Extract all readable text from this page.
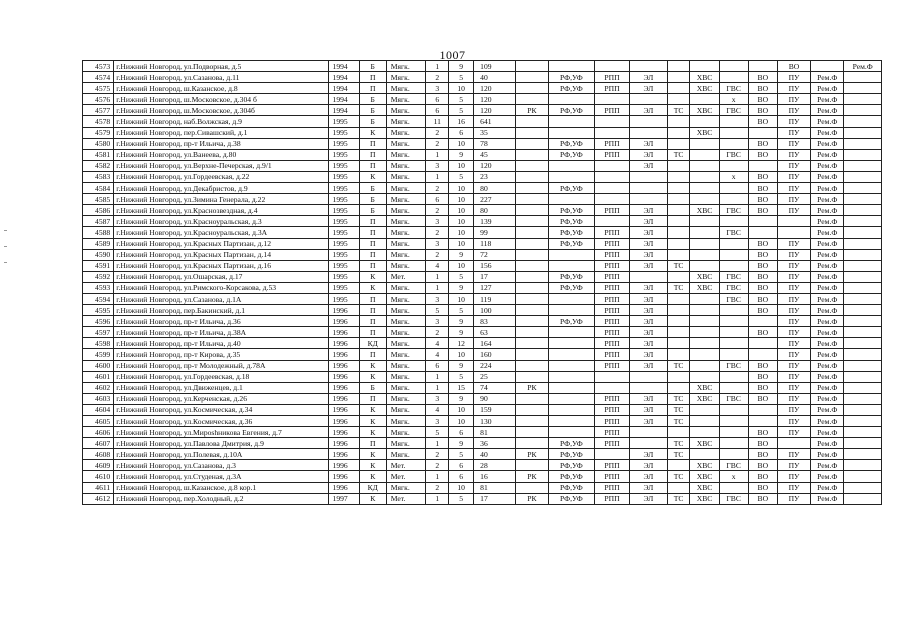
1007
4573	г.Нижний Новгород, ул.Подворная, д.5	1994	Б	Мягк.	1	9	109									ВО		Рем.Ф
4574	г.Нижний Новгород, ул.Сазанова, д.11	1994	П	Мягк.	2	5	40		РФ,УФ	РПП	ЭЛ		ХВС		ВО	ПУ	Рем.Ф	
4575	г.Нижний Новгород, ш.Казанское, д.8	1994	П	Мягк.	3	10	120		РФ,УФ	РПП	ЭЛ		ХВС	ГВС	ВО	ПУ	Рем.Ф	
4576	г.Нижний Новгород, ш.Московское, д.304 б	1994	Б	Мягк.	6	5	120							х	ВО	ПУ	Рем.Ф	
4577	г.Нижний Новгород, ш.Московское, д.304б	1994	Б	Мягк.	6	5	120	РК	РФ,УФ	РПП	ЭЛ	ТС	ХВС	ГВС	ВО	ПУ	Рем.Ф	
4578	г.Нижний Новгород, наб.Волжская, д.9	1995	Б	Мягк.	11	16	641								ВО	ПУ	Рем.Ф	
4579	г.Нижний Новгород, пер.Сивашский, д.1	1995	К	Мягк.	2	6	35						ХВС			ПУ	Рем.Ф	
4580	г.Нижний Новгород, пр-т Ильича, д.38	1995	П	Мягк.	2	10	78		РФ,УФ	РПП	ЭЛ				ВО	ПУ	Рем.Ф	
4581	г.Нижний Новгород, ул.Ванеева, д.80	1995	П	Мягк.	1	9	45		РФ,УФ	РПП	ЭЛ	ТС		ГВС	ВО	ПУ	Рем.Ф	
4582	г.Нижний Новгород, ул.Верхне-Печерская, д.9/1	1995	П	Мягк.	3	10	120				ЭЛ					ПУ	Рем.Ф	
4583	г.Нижний Новгород, ул.Гордеевская, д.22	1995	К	Мягк.	1	5	23							х	ВО	ПУ	Рем.Ф	
4584	г.Нижний Новгород, ул.Декабристов, д.9	1995	Б	Мягк.	2	10	80		РФ,УФ						ВО	ПУ	Рем.Ф	
4585	г.Нижний Новгород, ул.Зимина Генерала, д.22	1995	Б	Мягк.	6	10	227								ВО	ПУ	Рем.Ф	
4586	г.Нижний Новгород, ул.Краснозвездная, д.4	1995	Б	Мягк.	2	10	80		РФ,УФ	РПП	ЭЛ		ХВС	ГВС	ВО	ПУ	Рем.Ф	
4587	г.Нижний Новгород, ул.Красноуральская, д.3	1995	П	Мягк.	3	10	139		РФ,УФ		ЭЛ						Рем.Ф	
4588	г.Нижний Новгород, ул.Красноуральская, д.3А	1995	П	Мягк.	2	10	99		РФ,УФ	РПП	ЭЛ			ГВС			Рем.Ф	
4589	г.Нижний Новгород, ул.Красных Партизан, д.12	1995	П	Мягк.	3	10	118		РФ,УФ	РПП	ЭЛ				ВО	ПУ	Рем.Ф	
4590	г.Нижний Новгород, ул.Красных Партизан, д.14	1995	П	Мягк.	2	9	72			РПП	ЭЛ				ВО	ПУ	Рем.Ф	
4591	г.Нижний Новгород, ул.Красных Партизан, д.16	1995	П	Мягк.	4	10	156			РПП	ЭЛ	ТС			ВО	ПУ	Рем.Ф	
4592	г.Нижний Новгород, ул.Ошарская, д.17	1995	К	Мет.	1	5	17		РФ,УФ	РПП			ХВС	ГВС	ВО	ПУ	Рем.Ф	
4593	г.Нижний Новгород, ул.Римского-Корсакова, д.53	1995	К	Мягк.	1	9	127		РФ,УФ	РПП	ЭЛ	ТС	ХВС	ГВС	ВО	ПУ	Рем.Ф	
4594	г.Нижний Новгород, ул.Сазанова, д.1А	1995	П	Мягк.	3	10	119			РПП	ЭЛ			ГВС	ВО	ПУ	Рем.Ф	
4595	г.Нижний Новгород, пер.Бакинский, д.1	1996	П	Мягк.	5	5	100			РПП	ЭЛ				ВО	ПУ	Рем.Ф	
4596	г.Нижний Новгород, пр-т Ильича, д.36	1996	П	Мягк.	3	9	83		РФ,УФ	РПП	ЭЛ					ПУ	Рем.Ф	
4597	г.Нижний Новгород, пр-т Ильича, д.38А	1996	П	Мягк.	2	9	63			РПП	ЭЛ				ВО	ПУ	Рем.Ф	
4598	г.Нижний Новгород, пр-т Ильича, д.40	1996	КД	Мягк.	4	12	164			РПП	ЭЛ					ПУ	Рем.Ф	
4599	г.Нижний Новгород, пр-т Кирова, д.35	1996	П	Мягк.	4	10	160			РПП	ЭЛ					ПУ	Рем.Ф	
4600	г.Нижний Новгород, пр-т Молодежный, д.78А	1996	К	Мягк.	6	9	224			РПП	ЭЛ	ТС		ГВС	ВО	ПУ	Рем.Ф	
4601	г.Нижний Новгород, ул.Гордеевская, д.18	1996	К	Мягк.	1	5	25								ВО	ПУ	Рем.Ф	
4602	г.Нижний Новгород, ул.Движенцев, д.1	1996	Б	Мягк.	1	15	74	РК					ХВС		ВО	ПУ	Рем.Ф	
4603	г.Нижний Новгород, ул.Керченская, д.26	1996	П	Мягк.	3	9	90			РПП	ЭЛ	ТС	ХВС	ГВС	ВО	ПУ	Рем.Ф	
4604	г.Нижний Новгород, ул.Космическая, д.34	1996	К	Мягк.	4	10	159			РПП	ЭЛ	ТС				ПУ	Рем.Ф	
4605	г.Нижний Новгород, ул.Космическая, д.36	1996	К	Мягк.	3	10	130			РПП	ЭЛ	ТС				ПУ	Рем.Ф	
4606	г.Нижний Новгород, ул.Мироshникова Евгения, д.7	1996	К	Мягк.	5	6	81			РПП					ВО	ПУ	Рем.Ф	
4607	г.Нижний Новгород, ул.Павлова Дмитрия, д.9	1996	П	Мягк.	1	9	36		РФ,УФ	РПП		ТС	ХВС		ВО		Рем.Ф	
4608	г.Нижний Новгород, ул.Полевая, д.10А	1996	К	Мягк.	2	5	40	РК	РФ,УФ		ЭЛ	ТС			ВО	ПУ	Рем.Ф	
4609	г.Нижний Новгород, ул.Сазанова, д.3	1996	К	Мет.	2	6	28		РФ,УФ	РПП	ЭЛ		ХВС	ГВС	ВО	ПУ	Рем.Ф	
4610	г.Нижний Новгород, ул.Студеная, д.3А	1996	К	Мет.	1	6	16	РК	РФ,УФ	РПП	ЭЛ	ТС	ХВС	х	ВО	ПУ	Рем.Ф	
4611	г.Нижний Новгород, ш.Казанское, д.8 кор.1	1996	КД	Мягк.	2	10	81		РФ,УФ	РПП	ЭЛ		ХВС		ВО	ПУ	Рем.Ф	
4612	г.Нижний Новгород, пер.Холодный, д.2	1997	К	Мет.	1	5	17	РК	РФ,УФ	РПП	ЭЛ	ТС	ХВС	ГВС	ВО	ПУ	Рем.Ф	
